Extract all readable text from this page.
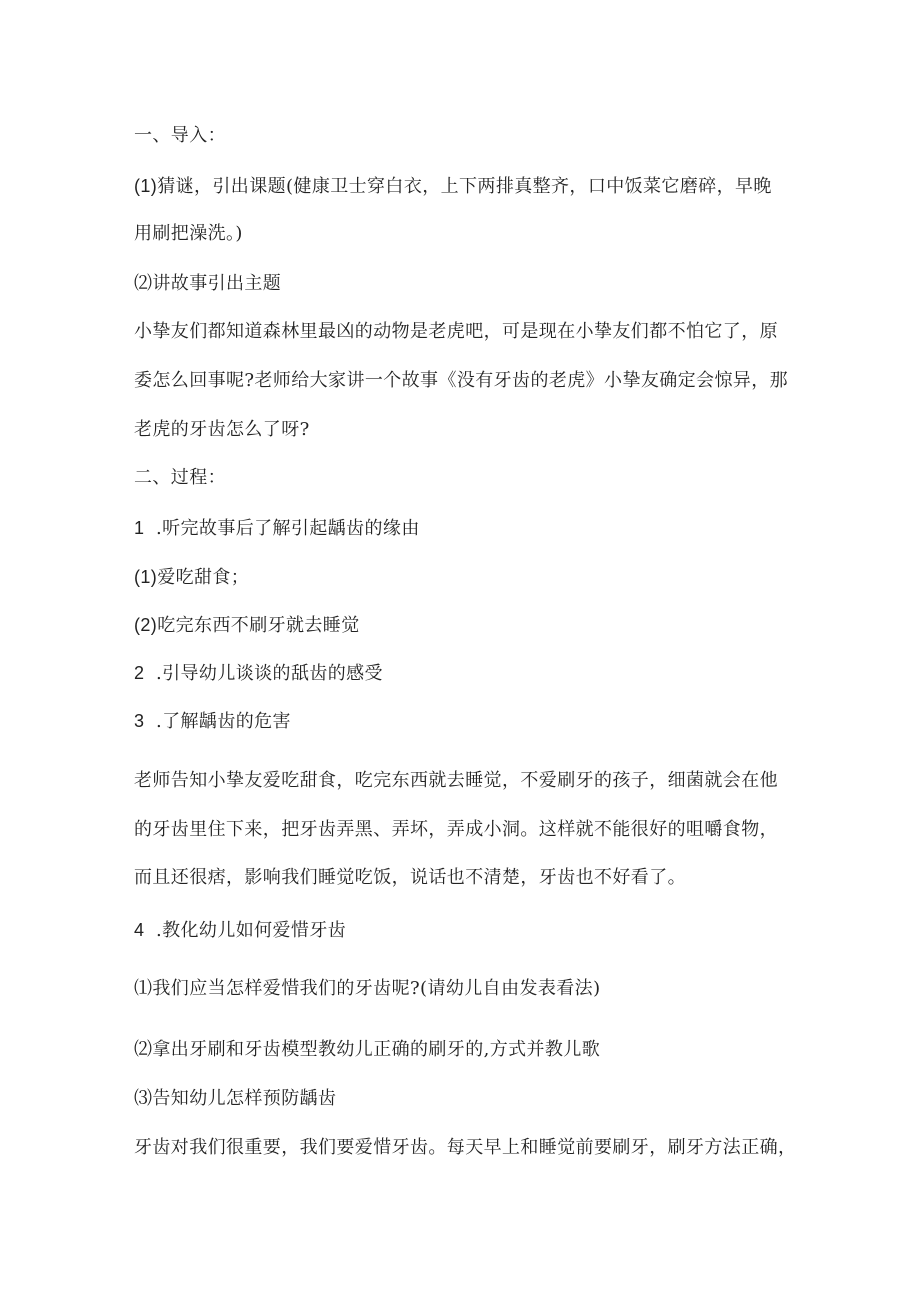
一、导入：
(1)猜谜，引出课题(健康卫士穿白衣，上下两排真整齐，口中饭菜它磨碎，早晚
用刷把澡洗。)
⑵讲故事引出主题
小挚友们都知道森林里最凶的动物是老虎吧，可是现在小挚友们都不怕它了，原
委怎么回事呢?老师给大家讲一个故事《没有牙齿的老虎》小挚友确定会惊异，那
老虎的牙齿怎么了呀?
二、过程：
1 .听完故事后了解引起龋齿的缘由
(1)爱吃甜食；
(2)吃完东西不刷牙就去睡觉
2 .引导幼儿谈谈的舐齿的感受
3 .了解龋齿的危害
老师告知小挚友爱吃甜食，吃完东西就去睡觉，不爱刷牙的孩子，细菌就会在他
的牙齿里住下来，把牙齿弄黑、弄坏，弄成小洞。这样就不能很好的咀嚼食物，
而且还很痞，影响我们睡觉吃饭，说话也不清楚，牙齿也不好看了。
4 .教化幼儿如何爱惜牙齿
⑴我们应当怎样爱惜我们的牙齿呢?(请幼儿自由发表看法)
⑵拿出牙刷和牙齿模型教幼儿正确的刷牙的,方式并教儿歌
⑶告知幼儿怎样预防龋齿
牙齿对我们很重要，我们要爱惜牙齿。每天早上和睡觉前要刷牙，刷牙方法正确，
